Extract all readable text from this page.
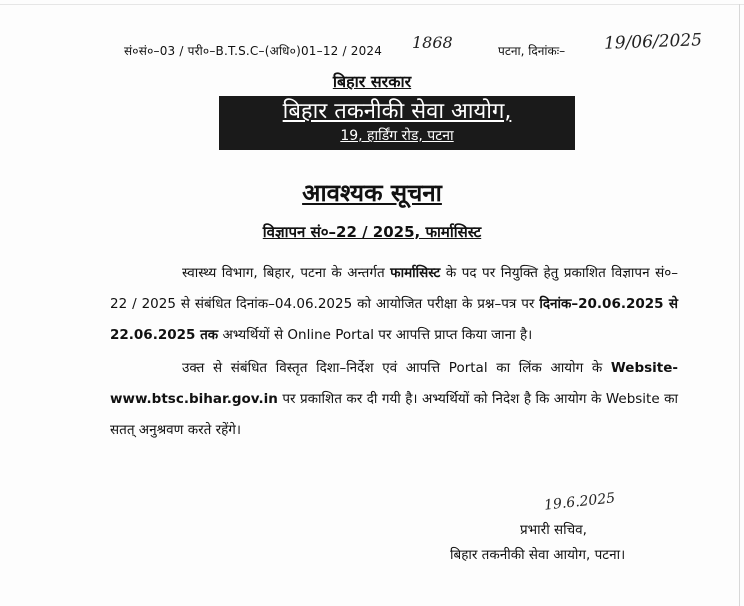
सं०सं०–03 / परी०–B.T.S.C–(अधि०)01–12 / 2024 1868	पटना, दिनांकः– 19/06/2025
बिहार सरकार
बिहार तकनीकी सेवा आयोग,
19, हार्डिंग रोड, पटना
आवश्यक सूचना
विज्ञापन सं०–22 / 2025, फार्मासिस्ट

स्वास्थ्य विभाग, बिहार, पटना के अन्तर्गत फार्मासिस्ट के पद पर नियुक्ति हेतु प्रकाशित विज्ञापन सं०–22 / 2025 से संबंधित दिनांक–04.06.2025 को आयोजित परीक्षा के प्रश्न–पत्र पर दिनांक–20.06.2025 से 22.06.2025 तक अभ्यर्थियों से Online Portal पर आपत्ति प्राप्त किया जाना है।

उक्त से संबंधित विस्तृत दिशा–निर्देश एवं आपत्ति Portal का लिंक आयोग के Website- www.btsc.bihar.gov.in पर प्रकाशित कर दी गयी है। अभ्यर्थियों को निदेश है कि आयोग के Website का सतत् अनुश्रवण करते रहेंगे।

19.6.2025
प्रभारी सचिव,
बिहार तकनीकी सेवा आयोग, पटना।
